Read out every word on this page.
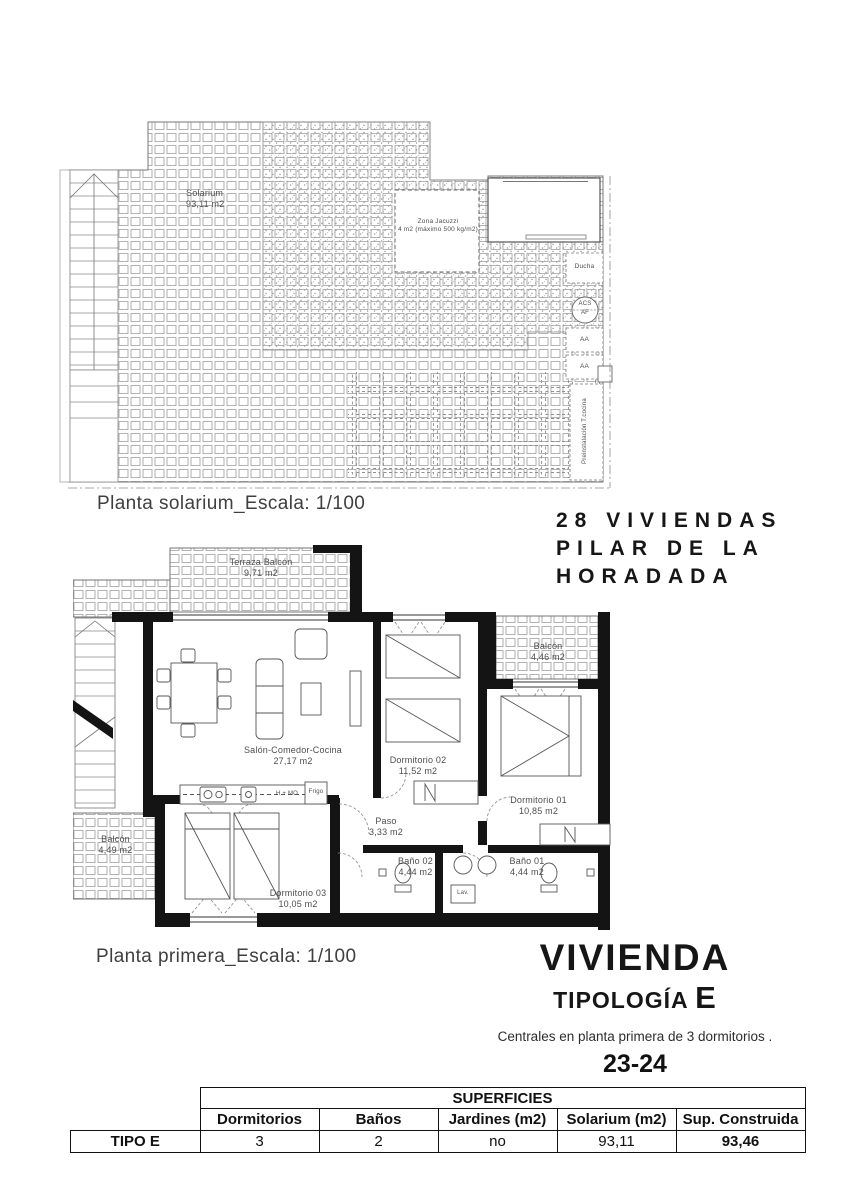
Solarium
93,11 m2
Zona Jacuzzi
4 m2 (máximo 500 kg/m2)
Ducha
ACS
AF
AA
AA
Preinstalación T.cocina
Planta solarium_Escala: 1/100
28 VIVIENDAS
PILAR DE LA
HORADADA
Terraza Balcón
9,71 m2
Salón-Comedor-Cocina
27,17 m2	Dormitorio 02
11,52 m2
Dormitorio 01
10,85 m2
Balcón
4,46 m2
Balcón
4,49 m2
Dormitorio 03
10,05 m2
Paso
3,33 m2
Baño 02
4,44 m2
Baño 01
4,44 m2
H + MO	Frigo
Lav.
Planta primera_Escala: 1/100	VIVIENDA
TIPOLOGÍA E
Centrales en planta primera de 3 dormitorios .
23-24
	SUPERFICIES				
	Dormitorios	Baños	Jardines (m2)	Solarium (m2)	Sup. Construida
TIPO E	3	2	no	93,11	93,46
